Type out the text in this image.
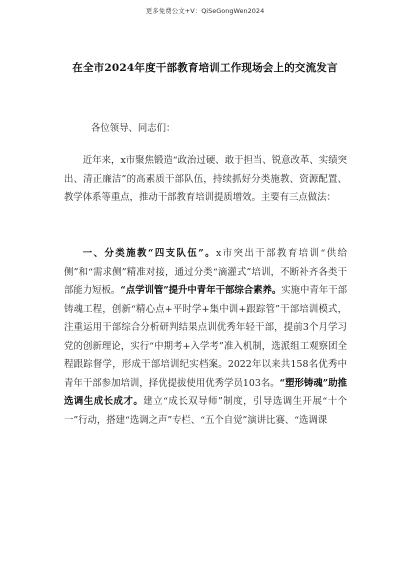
更多免费公文+V：QiSeGongWen2024
在全市2024年度干部教育培训工作现场会上的交流发言
各位领导、同志们：
近年来，x市聚焦锻造“政治过硬、敢于担当、锐意改革、实绩突出、清正廉洁”的高素质干部队伍，持续抓好分类施教、资源配置、教学体系等重点，推动干部教育培训提质增效。主要有三点做法：
一、分类施教“四支队伍”。x市突出干部教育培训“供给侧”和“需求侧”精准对接，通过分类“滴灌式”培训，不断补齐各类干部能力短板。“点学训管”提升中青年干部综合素养。实施中青年干部铸魂工程，创新“精心点+平时学+集中训+跟踪管”干部培训模式，注重运用干部综合分析研判结果点训优秀年轻干部，提前3个月学习党的创新理论，实行“中期考+入学考”准入机制，选派组工观察团全程跟踪督学，形成干部培训纪实档案。2022年以来共158名优秀中青年干部参加培训，择优提拔使用优秀学员103名。“塑形铸魂”助推选调生成长成才。建立“成长双导师”制度，引导选调生开展“十个一”行动，搭建“选调之声”专栏、“五个自觉”演讲比赛、“选调课
